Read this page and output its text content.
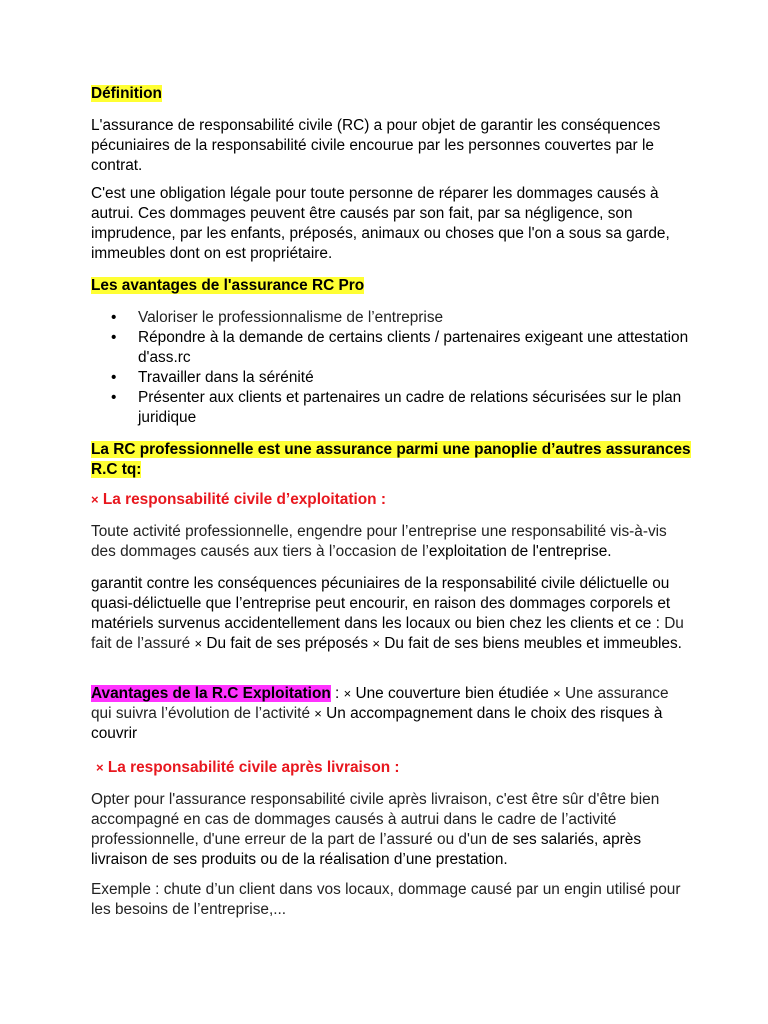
Définition

L'assurance de responsabilité civile (RC) a pour objet de garantir les conséquences pécuniaires de la responsabilité civile encourue par les personnes couvertes par le contrat.

C'est une obligation légale pour toute personne de réparer les dommages causés à autrui. Ces dommages peuvent être causés par son fait, par sa négligence, son imprudence, par les enfants, préposés, animaux ou choses que l'on a sous sa garde, immeubles dont on est propriétaire.

Les avantages de l'assurance RC Pro

• Valoriser le professionnalisme de l’entreprise
• Répondre à la demande de certains clients / partenaires exigeant une attestation d'ass.rc
• Travailler dans la sérénité
• Présenter aux clients et partenaires un cadre de relations sécurisées sur le plan juridique

La RC professionnelle est une assurance parmi une panoplie d’autres assurances R.C tq:

× La responsabilité civile d’exploitation :

Toute activité professionnelle, engendre pour l’entreprise une responsabilité vis-à-vis des dommages causés aux tiers à l’occasion de l’exploitation de l'entreprise.

garantit contre les conséquences pécuniaires de la responsabilité civile délictuelle ou quasi-délictuelle que l’entreprise peut encourir, en raison des dommages corporels et matériels survenus accidentellement dans les locaux ou bien chez les clients et ce : Du fait de l’assuré × Du fait de ses préposés × Du fait de ses biens meubles et immeubles.

Avantages de la R.C Exploitation : × Une couverture bien étudiée × Une assurance qui suivra l’évolution de l’activité × Un accompagnement dans le choix des risques à couvrir

× La responsabilité civile après livraison :

Opter pour l'assurance responsabilité civile après livraison, c'est être sûr d'être bien accompagné en cas de dommages causés à autrui dans le cadre de l’activité professionnelle, d'une erreur de la part de l’assuré ou d'un de ses salariés, après livraison de ses produits ou de la réalisation d’une prestation.

Exemple : chute d’un client dans vos locaux, dommage causé par un engin utilisé pour les besoins de l’entreprise,...
